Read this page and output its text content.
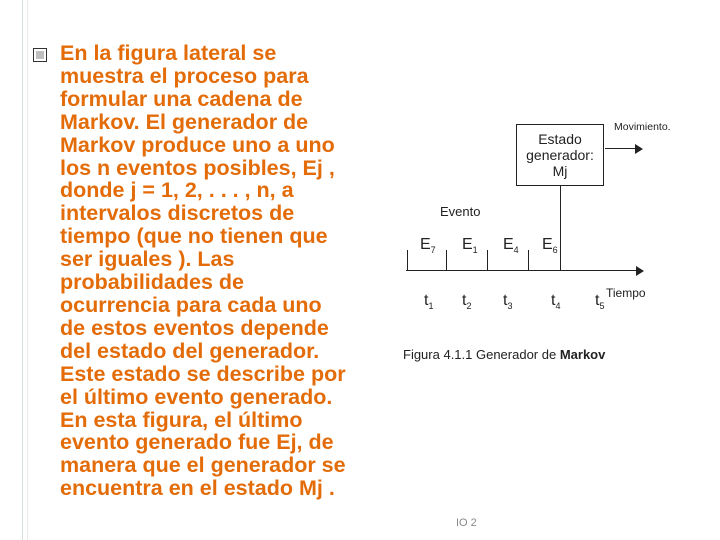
En la figura lateral se
muestra el proceso para
formular una cadena de
Markov. El generador de
Markov produce uno a uno
los n eventos posibles, Ej ,
donde j = 1, 2, . . . , n, a
intervalos discretos de
tiempo (que no tienen que
ser iguales ). Las
probabilidades de
ocurrencia para cada uno
de estos eventos depende
del estado del generador.
Este estado se describe por
el último evento generado.
En esta figura, el último
evento generado fue Ej, de
manera que el generador se
encuentra en el estado Mj .
Estado
generador:
Mj
Movimiento.
Evento
$E_7$ $E_1$ $E_4$ $E_6$
$t_1$ $t_2$ $t_3$ $t_4$ $t_5$
Tiempo
Figura 4.1.1 Generador de Markov
IO 2
